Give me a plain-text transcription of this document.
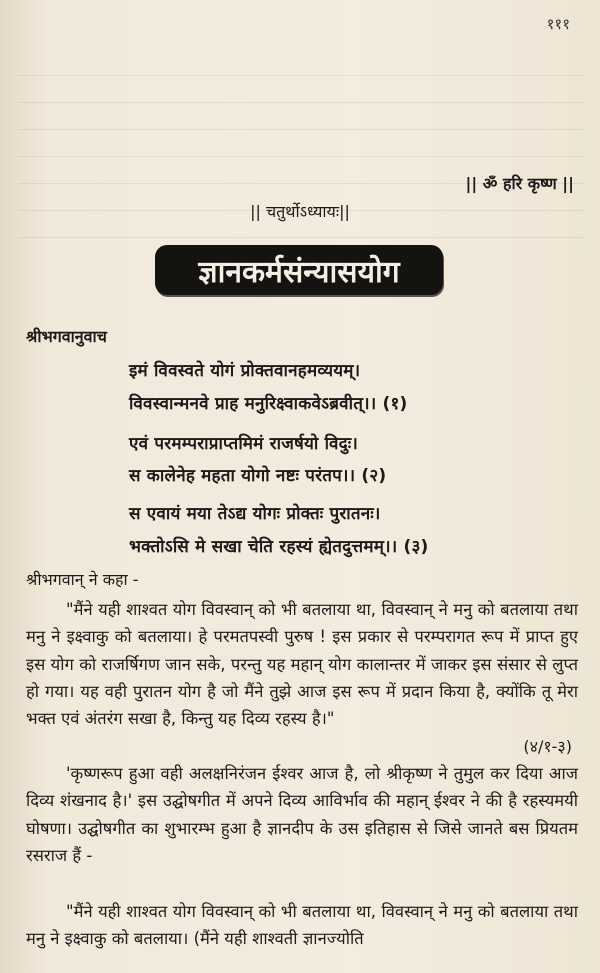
१११
|| ॐ हरि कृष्ण ||
|| चतुर्थोऽध्यायः||
ज्ञानकर्मसंन्यासयोग
श्रीभगवानुवाच
इमं विवस्वते योगं प्रोक्तवानहमव्ययम्।
विवस्वान्मनवे प्राह मनुरिक्ष्वाकवेऽब्रवीत्।। (१)
एवं परमम्पराप्राप्तमिमं राजर्षयो विदुः।
स कालेनेह महता योगो नष्टः परंतप।। (२)
स एवायं मया तेऽद्य योगः प्रोक्तः पुरातनः।
भक्तोऽसि मे सखा चेति रहस्यं ह्येतदुत्तमम्।। (३)
श्रीभगवान् ने कहा -

"मैंने यही शाश्वत योग विवस्वान् को भी बतलाया था, विवस्वान् ने मनु को बतलाया तथा मनु ने इक्ष्वाकु को बतलाया। हे परमतपस्वी पुरुष ! इस प्रकार से परम्परागत रूप में प्राप्त हुए इस योग को राजर्षिगण जान सके, परन्तु यह महान् योग कालान्तर में जाकर इस संसार से लुप्त हो गया। यह वही पुरातन योग है जो मैंने तुझे आज इस रूप में प्रदान किया है, क्योंकि तू मेरा भक्त एवं अंतरंग सखा है, किन्तु यह दिव्य रहस्य है।"

(४/१-३)

'कृष्णरूप हुआ वही अलक्षनिरंजन ईश्वर आज है, लो श्रीकृष्ण ने तुमुल कर दिया आज दिव्य शंखनाद है।' इस उद्घोषगीत में अपने दिव्य आविर्भाव की महान् ईश्वर ने की है रहस्यमयी घोषणा। उद्घोषगीत का शुभारम्भ हुआ है ज्ञानदीप के उस इतिहास से जिसे जानते बस प्रियतम रसराज हैं -

"मैंने यही शाश्वत योग विवस्वान् को भी बतलाया था, विवस्वान् ने मनु को बतलाया तथा मनु ने इक्ष्वाकु को बतलाया। (मैंने यही शाश्वती ज्ञानज्योति
